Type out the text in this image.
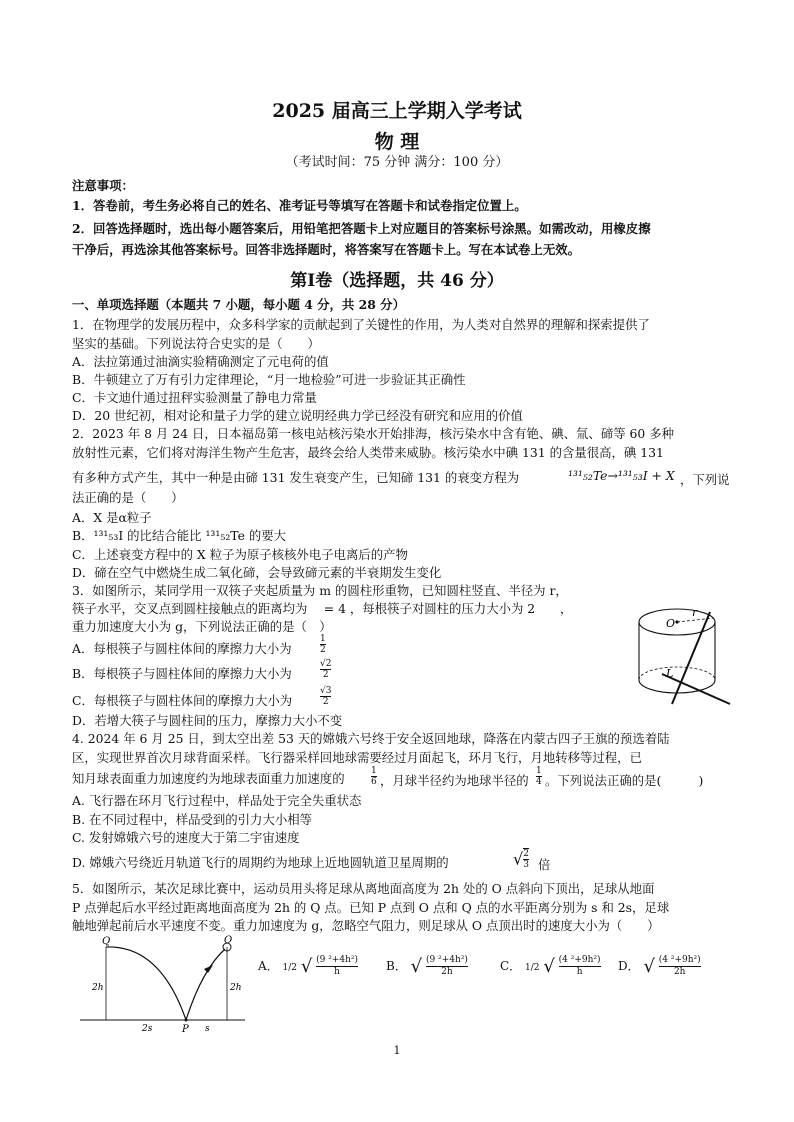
2025 届高三上学期入学考试
物 理
（考试时间：75 分钟 满分：100 分）
注意事项：
1．答卷前，考生务必将自己的姓名、准考证号等填写在答题卡和试卷指定位置上。
2．回答选择题时，选出每小题答案后，用铅笔把答题卡上对应题目的答案标号涂黑。如需改动，用橡皮擦
干净后，再选涂其他答案标号。回答非选择题时，将答案写在答题卡上。写在本试卷上无效。
第Ⅰ卷（选择题，共 46 分）
一、单项选择题（本题共 7 小题，每小题 4 分，共 28 分）
1．在物理学的发展历程中，众多科学家的贡献起到了关键性的作用，为人类对自然界的理解和探索提供了
坚实的基础。下列说法符合史实的是（　　）
A．法拉第通过油滴实验精确测定了元电荷的值
B．牛顿建立了万有引力定律理论，“月一地检验”可进一步验证其正确性
C．卡文迪什通过扭秤实验测量了静电力常量
D．20 世纪初，相对论和量子力学的建立说明经典力学已经没有研究和应用的价值
2．2023 年 8 月 24 日，日本福岛第一核电站核污染水开始排海，核污染水中含有铯、碘、氚、碲等 60 多种
放射性元素，它们将对海洋生物产生危害，最终会给人类带来威胁。核污染水中碘 131 的含量很高，碘 131
有多种方式产生，其中一种是由碲 131 发生衰变产生，已知碲 131 的衰变方程为	¹³¹₅₂Te→¹³¹₅₃I + X ，下列说
法正确的是（　　）
A．X 是α粒子
B．¹³¹₅₃I 的比结合能比 ¹³¹₅₂Te 的要大
C．上述衰变方程中的 X 粒子为原子核核外电子电离后的产物
D．碲在空气中燃烧生成二氧化碲，会导致碲元素的半衰期发生变化
3．如图所示，某同学用一双筷子夹起质量为 m 的圆柱形重物，已知圆柱竖直、半径为 r，
筷子水平，交叉点到圆柱接触点的距离均为 　= 4 ，每根筷子对圆柱的压力大小为 2　　，
重力加速度大小为 g，下列说法正确的是（　）
A．每根筷子与圆柱体间的摩擦力大小为
1
2
B．每根筷子与圆柱体间的摩擦力大小为
√2
2
C．每根筷子与圆柱体间的摩擦力大小为
√3
2
D．若增大筷子与圆柱间的压力，摩擦力大小不变
O
r
L
4. 2024 年 6 月 25 日，到太空出差 53 天的嫦娥六号终于安全返回地球，降落在内蒙古四子王旗的预选着陆
区，实现世界首次月球背面采样。飞行器采样回地球需要经过月面起飞，环月飞行，月地转移等过程，已
知月球表面重力加速度约为地球表面重力加速度的	1
6 ，月球半径约为地球半径的
1
4 。下列说法正确的是(　　　)
A. 飞行器在环月飞行过程中，样品处于完全失重状态
B. 在不同过程中，样品受到的引力大小相等
C. 发射嫦娥六号的速度大于第二宇宙速度
D. 嫦娥六号绕近月轨道飞行的周期约为地球上近地圆轨道卫星周期的	√ $\frac{2}{3}$ 倍
5．如图所示，某次足球比赛中，运动员用头将足球从离地面高度为 2h 处的 O 点斜向下顶出，足球从地面
P 点弹起后水平经过距离地面高度为 2h 的 Q 点。已知 P 点到 O 点和 Q 点的水平距离分别为 s 和 2s，足球
触地弹起前后水平速度不变。重力加速度为 g，忽略空气阻力，则足球从 O 点顶出时的速度大小为（　　）
Q	O
P
2h	2h
2s	s
A． 1/2 √ $\frac{\text{(9 ²+4h²)}}{h}$ B． √ $\frac{\text{(9 ²+4h²)}}{2h}$	C． 1/2 √ $\frac{\text{(4 ²+9h²)}}{h}$ D． √ $\frac{\text{(4 ²+9h²)}}{2h}$
1
